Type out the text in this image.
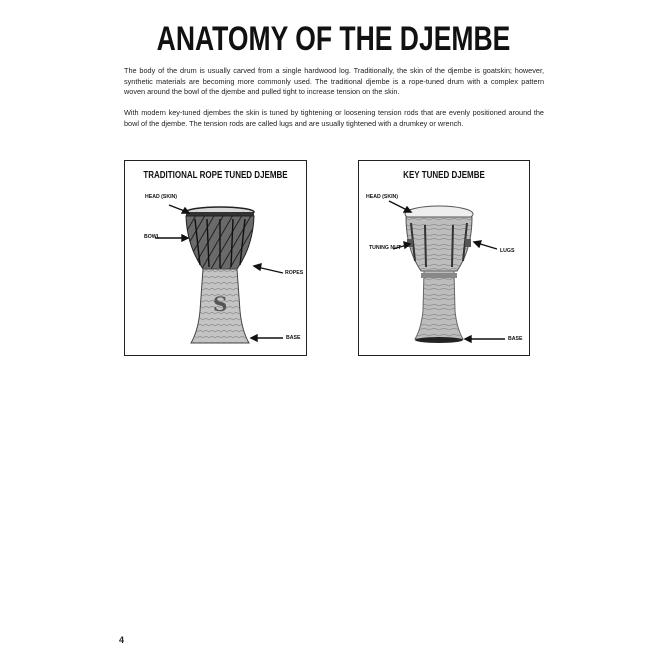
ANATOMY OF THE DJEMBE

The body of the drum is usually carved from a single hardwood log. Traditionally, the skin of the djembe is goatskin; however, synthetic materials are becoming more commonly used. The traditional djembe is a rope-tuned drum with a complex pattern woven around the bowl of the djembe and pulled tight to increase tension on the skin.

With modern key-tuned djembes the skin is tuned by tightening or loosening tension rods that are evenly positioned around the bowl of the djembe. The tension rods are called lugs and are usually tightened with a drumkey or wrench.

TRADITIONAL ROPE TUNED DJEMBE
S
HEAD (SKIN)
BOWL
ROPES
BASE
KEY TUNED DJEMBE
HEAD (SKIN)
TUNING NUT	LUGS
BASE
4
